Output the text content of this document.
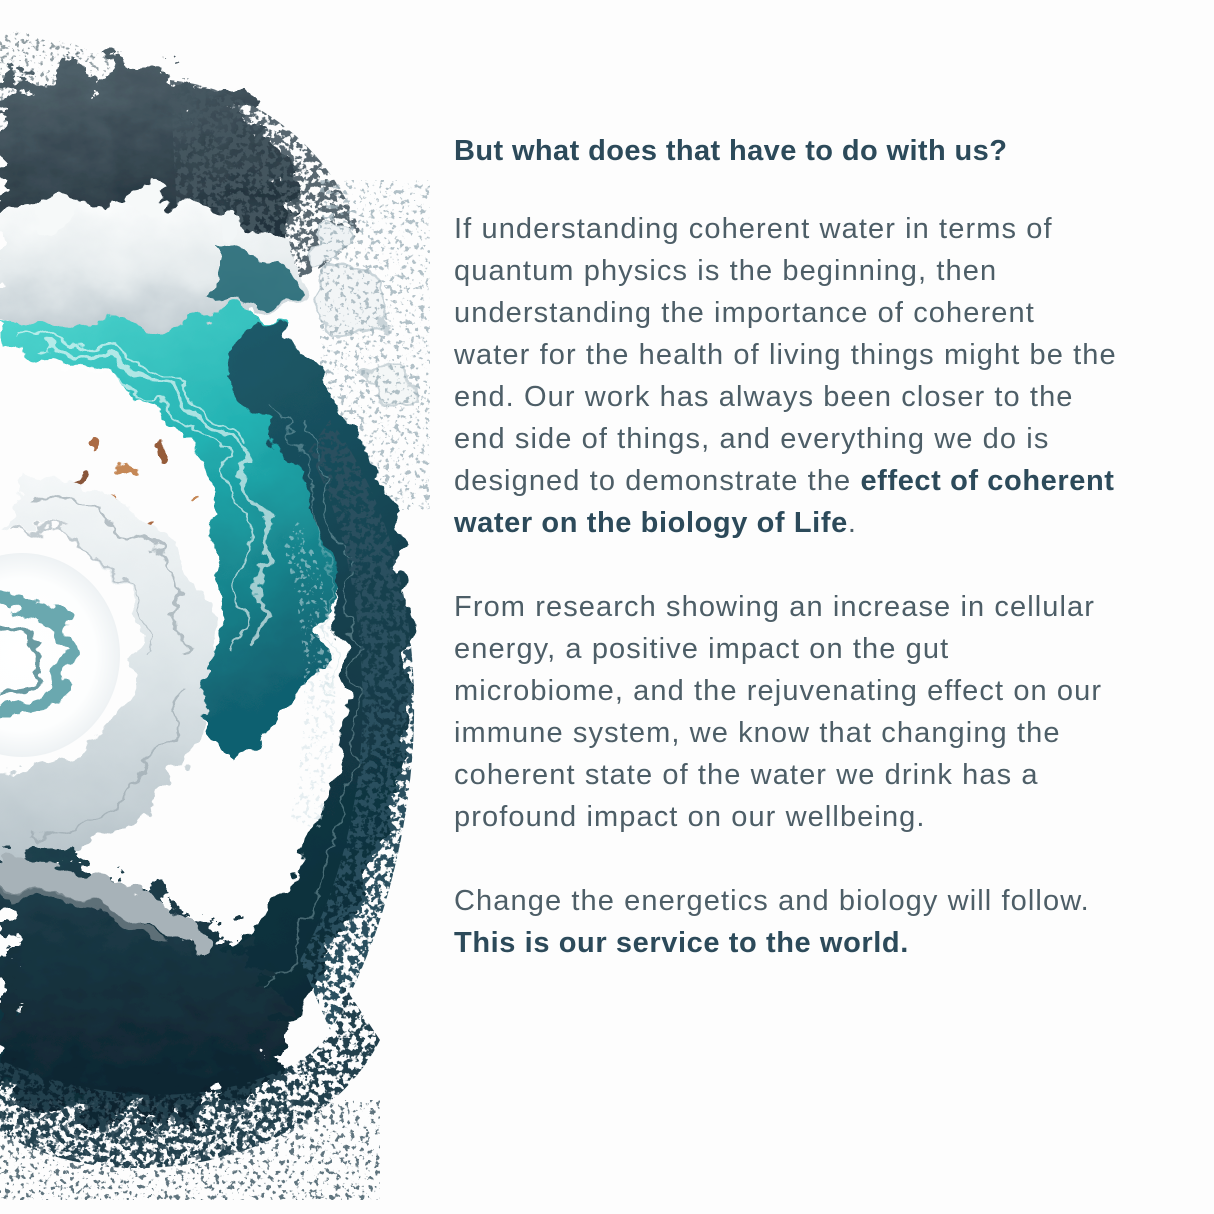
But what does that have to do with us?

If understanding coherent water in terms of quantum physics is the beginning, then understanding the importance of coherent water for the health of living things might be the end. Our work has always been closer to the end side of things, and everything we do is designed to demonstrate the effect of coherent water on the biology of Life.

From research showing an increase in cellular energy, a positive impact on the gut microbiome, and the rejuvenating effect on our immune system, we know that changing the coherent state of the water we drink has a profound impact on our wellbeing.

Change the energetics and biology will follow. This is our service to the world.
